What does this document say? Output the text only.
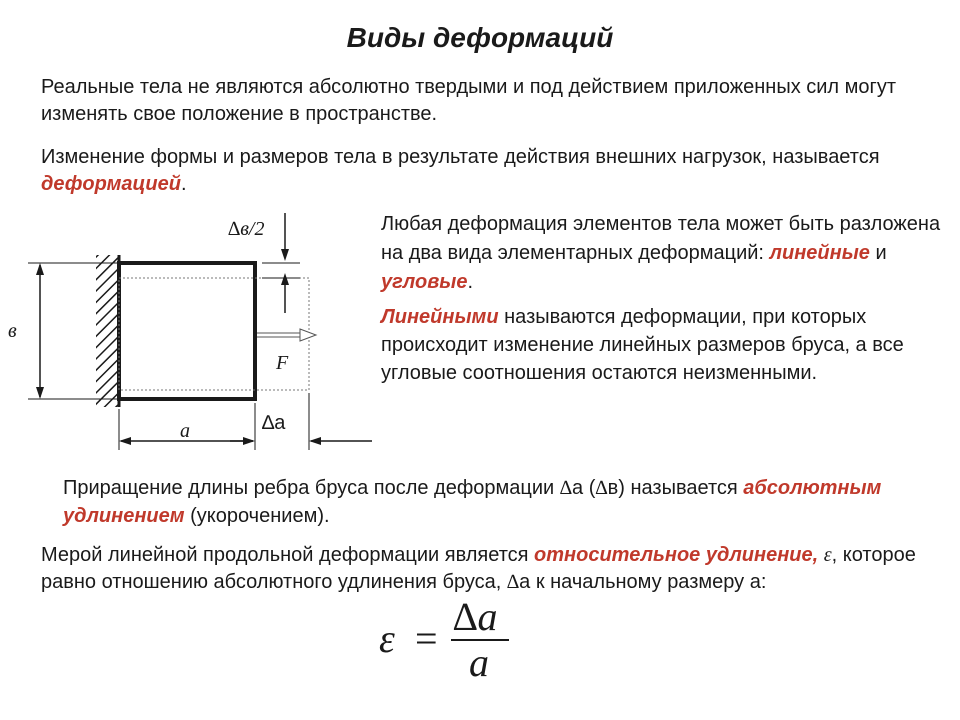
Виды деформаций

Реальные тела не являются абсолютно твердыми и под действием приложенных сил могут изменять свое положение в пространстве.

Изменение формы и размеров тела в результате действия внешних нагрузок, называется деформацией.

Любая деформация элементов тела может быть разложена на два вида элементарных деформаций: линейные и угловые.

Линейными называются деформации, при которых происходит изменение линейных размеров бруса, а все угловые соотношения остаются неизменными.

Приращение длины ребра бруса после деформации ∆а (∆в) называется абсолютным удлинением (укорочением).

Мерой линейной продольной деформации является относительное удлинение, ε, которое равно отношению абсолютного удлинения бруса, ∆а к начальному размеру а:

F
∆в/2
в
а	∆а
ε = ∆a
a
